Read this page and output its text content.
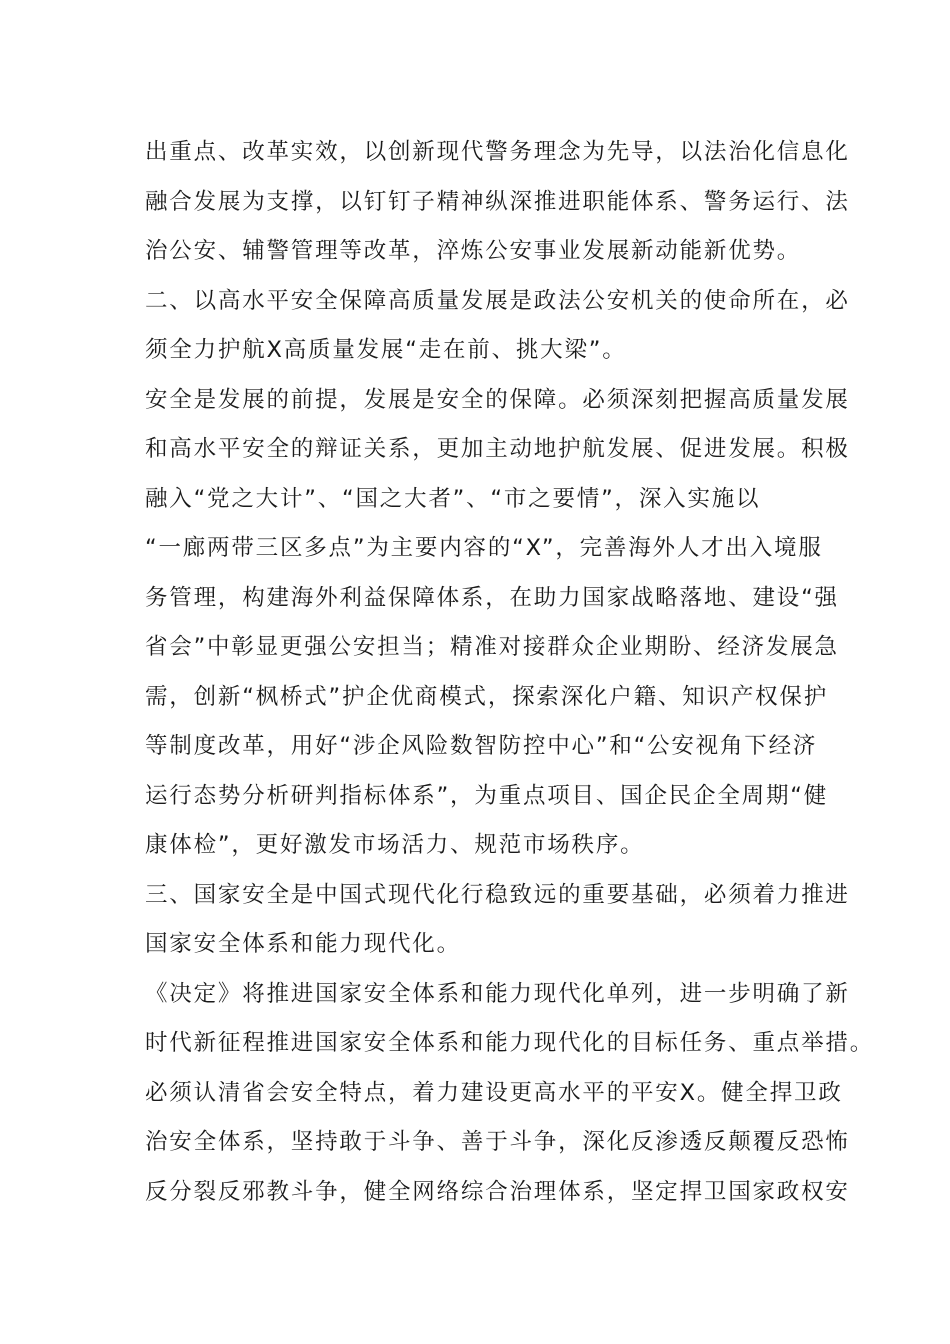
出重点、改革实效，以创新现代警务理念为先导，以法治化信息化
融合发展为支撑，以钉钉子精神纵深推进职能体系、警务运行、法
治公安、辅警管理等改革，淬炼公安事业发展新动能新优势。
二、以高水平安全保障高质量发展是政法公安机关的使命所在，必
须全力护航X高质量发展“走在前、挑大梁”。
安全是发展的前提，发展是安全的保障。必须深刻把握高质量发展
和高水平安全的辩证关系，更加主动地护航发展、促进发展。积极
融入“党之大计”、“国之大者”、“市之要情”，深入实施以
“一廊两带三区多点”为主要内容的“X”，完善海外人才出入境服
务管理，构建海外利益保障体系，在助力国家战略落地、建设“强
省会”中彰显更强公安担当；精准对接群众企业期盼、经济发展急
需，创新“枫桥式”护企优商模式，探索深化户籍、知识产权保护
等制度改革，用好“涉企风险数智防控中心”和“公安视角下经济
运行态势分析研判指标体系”，为重点项目、国企民企全周期“健
康体检”，更好激发市场活力、规范市场秩序。
三、国家安全是中国式现代化行稳致远的重要基础，必须着力推进
国家安全体系和能力现代化。
《决定》将推进国家安全体系和能力现代化单列，进一步明确了新
时代新征程推进国家安全体系和能力现代化的目标任务、重点举措。
必须认清省会安全特点，着力建设更高水平的平安X。健全捍卫政
治安全体系，坚持敢于斗争、善于斗争，深化反渗透反颠覆反恐怖
反分裂反邪教斗争，健全网络综合治理体系，坚定捍卫国家政权安
